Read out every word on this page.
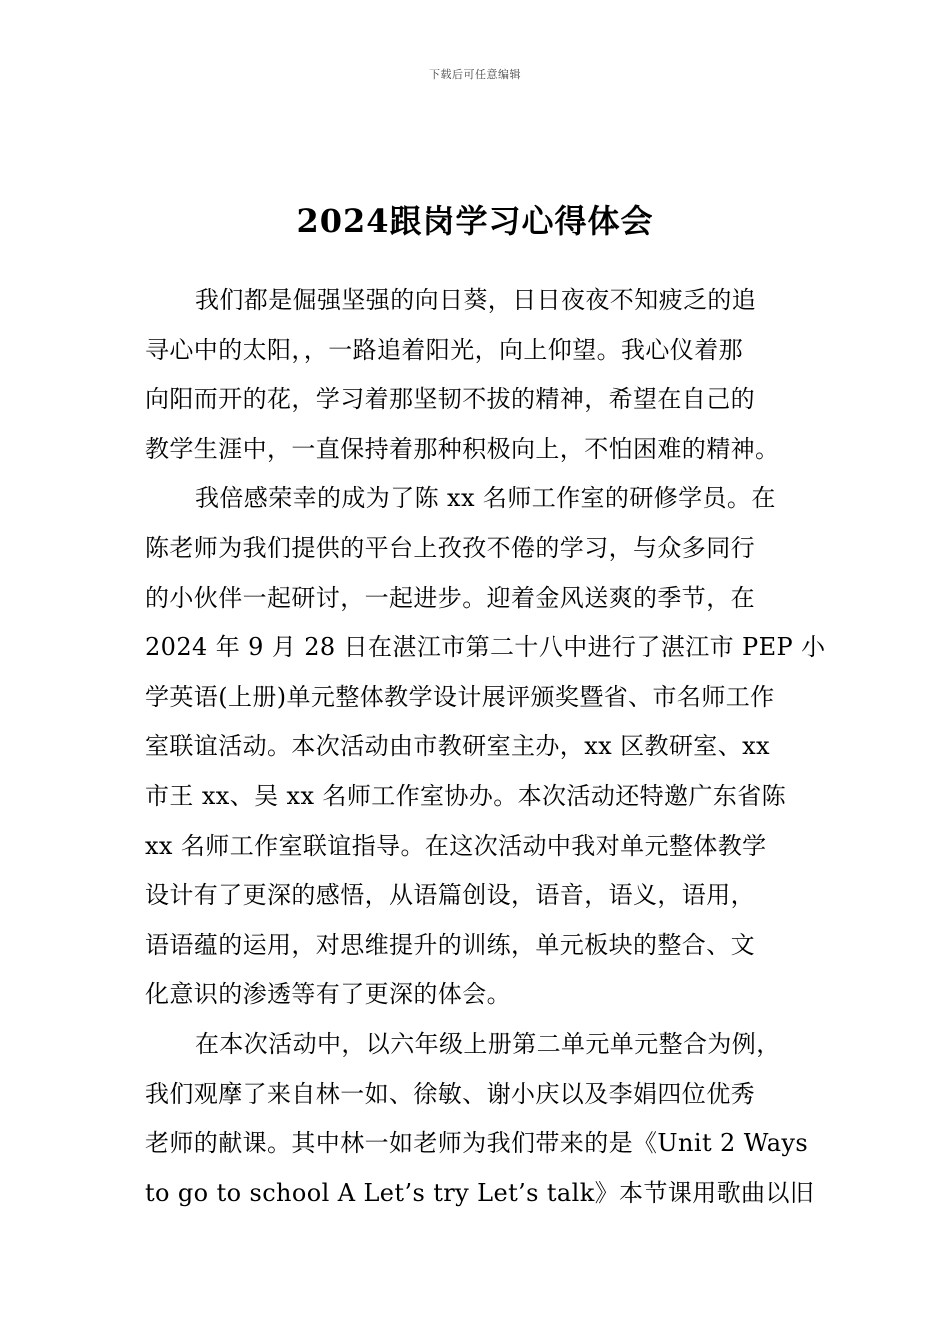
下载后可任意编辑
2024跟岗学习心得体会
我们都是倔强坚强的向日葵，日日夜夜不知疲乏的追
寻心中的太阳，，一路追着阳光，向上仰望。我心仪着那
向阳而开的花，学习着那坚韧不拔的精神，希望在自己的
教学生涯中，一直保持着那种积极向上，不怕困难的精神。
我倍感荣幸的成为了陈 xx 名师工作室的研修学员。在
陈老师为我们提供的平台上孜孜不倦的学习，与众多同行
的小伙伴一起研讨，一起进步。迎着金风送爽的季节，在
2024 年 9 月 28 日在湛江市第二十八中进行了湛江市 PEP 小
学英语(上册)单元整体教学设计展评颁奖暨省、市名师工作
室联谊活动。本次活动由市教研室主办，xx 区教研室、xx
市王 xx、吴 xx 名师工作室协办。本次活动还特邀广东省陈
xx 名师工作室联谊指导。在这次活动中我对单元整体教学
设计有了更深的感悟，从语篇创设，语音，语义，语用，
语语蕴的运用，对思维提升的训练，单元板块的整合、文
化意识的渗透等有了更深的体会。
在本次活动中，以六年级上册第二单元单元整合为例，
我们观摩了来自林一如、徐敏、谢小庆以及李娟四位优秀
老师的献课。其中林一如老师为我们带来的是《Unit 2 Ways
to go to school A Let’s try Let’s talk》本节课用歌曲以旧
